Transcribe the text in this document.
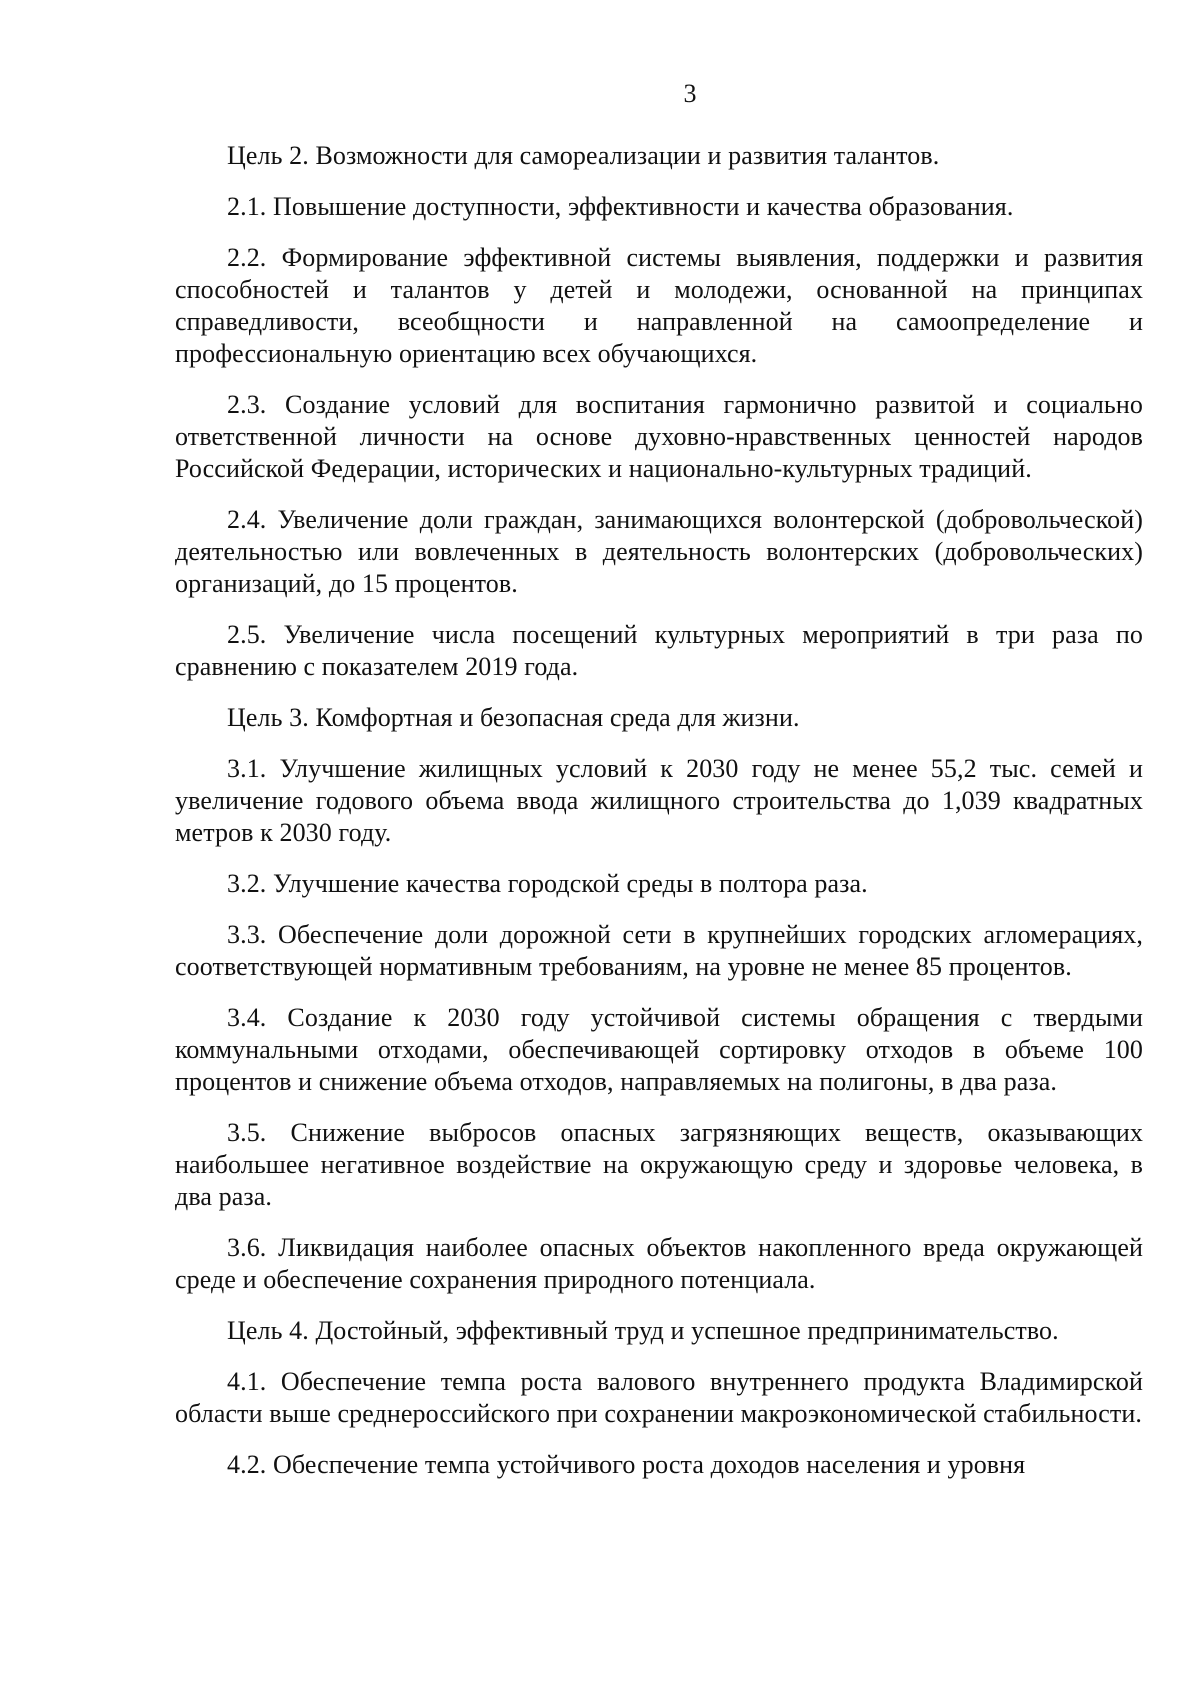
3

Цель 2. Возможности для самореализации и развития талантов.

2.1. Повышение доступности, эффективности и качества образования.

2.2. Формирование эффективной системы выявления, поддержки и развития способностей и талантов у детей и молодежи, основанной на принципах справедливости, всеобщности и направленной на самоопределение и профессиональную ориентацию всех обучающихся.

2.3. Создание условий для воспитания гармонично развитой и социально ответственной личности на основе духовно-нравственных ценностей народов Российской Федерации, исторических и национально-культурных традиций.

2.4. Увеличение доли граждан, занимающихся волонтерской (добровольческой) деятельностью или вовлеченных в деятельность волонтерских (добровольческих) организаций, до 15 процентов.

2.5. Увеличение числа посещений культурных мероприятий в три раза по сравнению с показателем 2019 года.

Цель 3. Комфортная и безопасная среда для жизни.

3.1. Улучшение жилищных условий к 2030 году не менее 55,2 тыс. семей и увеличение годового объема ввода жилищного строительства до 1,039 квадратных метров к 2030 году.

3.2. Улучшение качества городской среды в полтора раза.

3.3. Обеспечение доли дорожной сети в крупнейших городских агломерациях, соответствующей нормативным требованиям, на уровне не менее 85 процентов.

3.4. Создание к 2030 году устойчивой системы обращения с твердыми коммунальными отходами, обеспечивающей сортировку отходов в объеме 100 процентов и снижение объема отходов, направляемых на полигоны, в два раза.

3.5. Снижение выбросов опасных загрязняющих веществ, оказывающих наибольшее негативное воздействие на окружающую среду и здоровье человека, в два раза.

3.6. Ликвидация наиболее опасных объектов накопленного вреда окружающей среде и обеспечение сохранения природного потенциала.

Цель 4. Достойный, эффективный труд и успешное предпринимательство.

4.1. Обеспечение темпа роста валового внутреннего продукта Владимирской области выше среднероссийского при сохранении макроэкономической стабильности.

4.2. Обеспечение темпа устойчивого роста доходов населения и уровня
